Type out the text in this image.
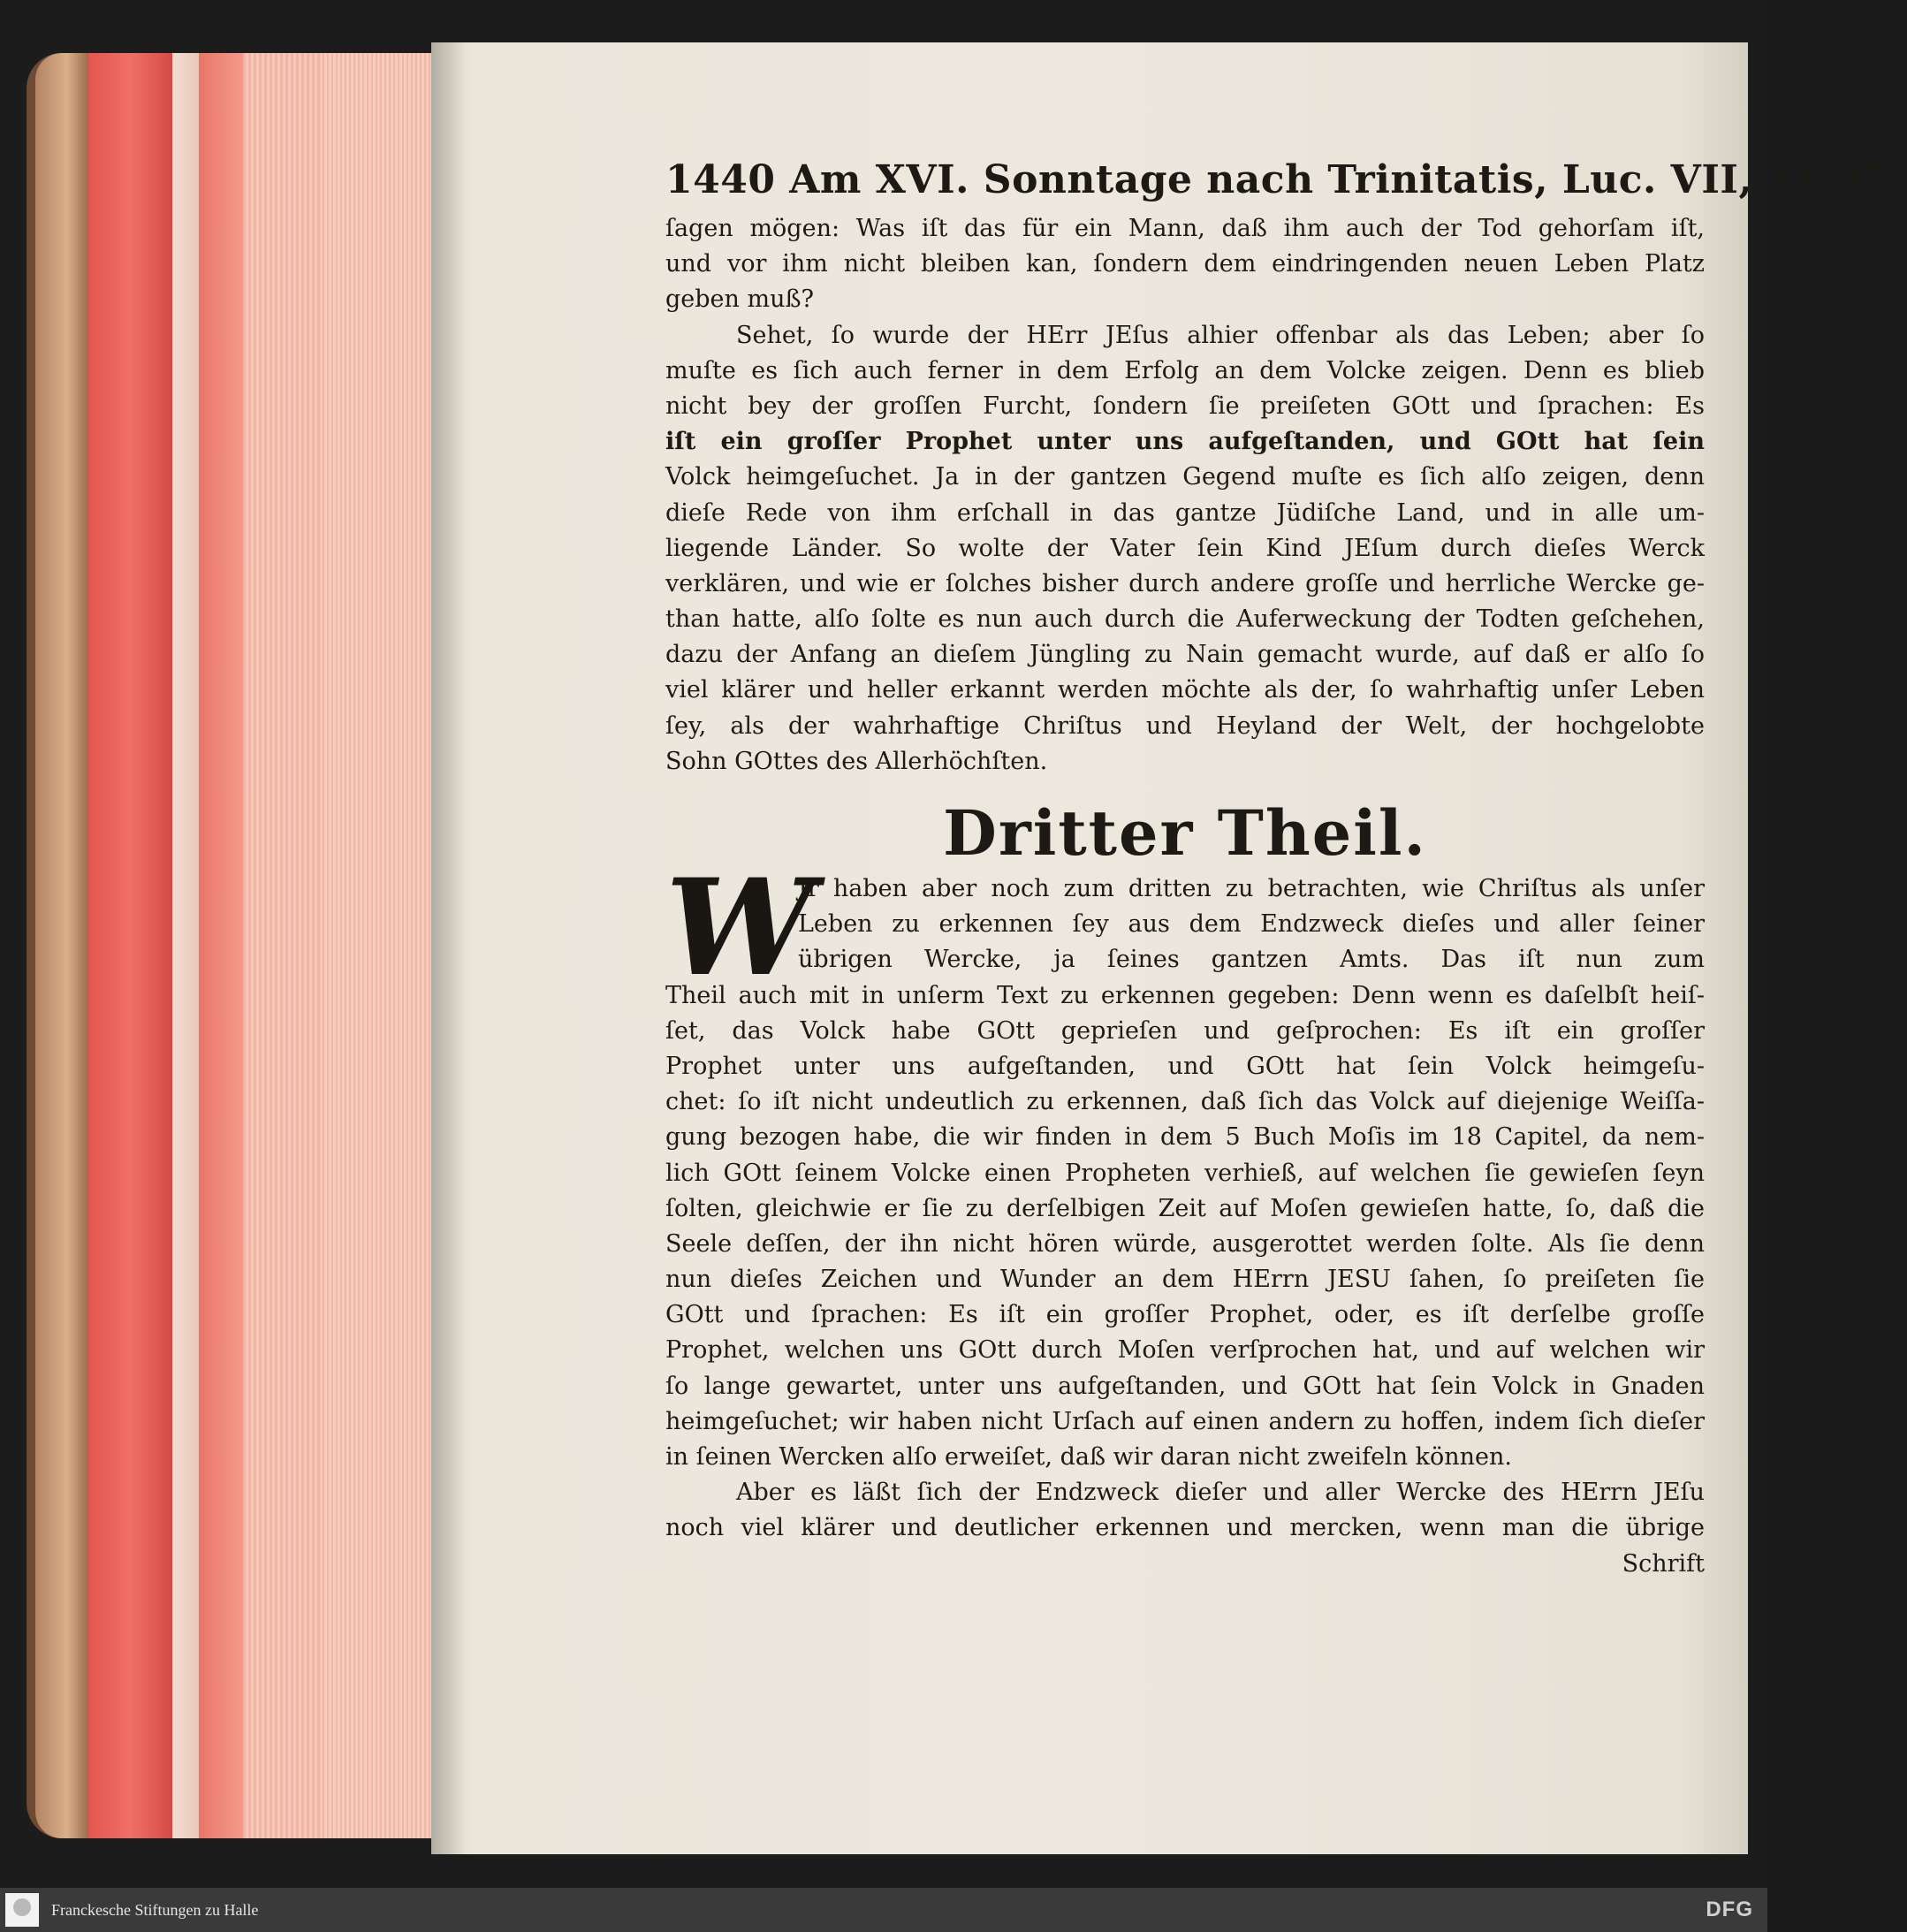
1440 Am XVI. Sonntage nach Trinitatis, Luc. VII, 11-17.
ſagen mögen: Was iſt das für ein Mann, daß ihm auch der Tod gehorſam iſt,
und vor ihm nicht bleiben kan, ſondern dem eindringenden neuen Leben Platz
geben muß?
Sehet, ſo wurde der HErr JEſus alhier offenbar als das Leben; aber ſo
muſte es ſich auch ferner in dem Erfolg an dem Volcke zeigen. Denn es blieb
nicht bey der groſſen Furcht, ſondern ſie preiſeten GOtt und ſprachen: Es
iſt ein groſſer Prophet unter uns aufgeſtanden, und GOtt hat ſein
Volck heimgeſuchet. Ja in der gantzen Gegend muſte es ſich alſo zeigen, denn
dieſe Rede von ihm erſchall in das gantze Jüdiſche Land, und in alle um-
liegende Länder. So wolte der Vater ſein Kind JEſum durch dieſes Werck
verklären, und wie er ſolches bisher durch andere groſſe und herrliche Wercke ge-
than hatte, alſo ſolte es nun auch durch die Auferweckung der Todten geſchehen,
dazu der Anfang an dieſem Jüngling zu Nain gemacht wurde, auf daß er alſo ſo
viel klärer und heller erkannt werden möchte als der, ſo wahrhaftig unſer Leben
ſey, als der wahrhaftige Chriſtus und Heyland der Welt, der hochgelobte
Sohn GOttes des Allerhöchſten.
Dritter Theil.
W
Jr haben aber noch zum dritten zu betrachten, wie Chriſtus als unſer
Leben zu erkennen ſey aus dem Endzweck dieſes und aller ſeiner
übrigen Wercke, ja ſeines gantzen Amts. Das iſt nun zum
Theil auch mit in unſerm Text zu erkennen gegeben: Denn wenn es daſelbſt heiſ-
ſet, das Volck habe GOtt geprieſen und geſprochen: Es iſt ein groſſer
Prophet unter uns aufgeſtanden, und GOtt hat ſein Volck heimgeſu-
chet: ſo iſt nicht undeutlich zu erkennen, daß ſich das Volck auf diejenige Weiſſa-
gung bezogen habe, die wir finden in dem 5 Buch Moſis im 18 Capitel, da nem-
lich GOtt ſeinem Volcke einen Propheten verhieß, auf welchen ſie gewieſen ſeyn
ſolten, gleichwie er ſie zu derſelbigen Zeit auf Moſen gewieſen hatte, ſo, daß die
Seele deſſen, der ihn nicht hören würde, ausgerottet werden ſolte. Als ſie denn
nun dieſes Zeichen und Wunder an dem HErrn JESU ſahen, ſo preiſeten ſie
GOtt und ſprachen: Es iſt ein groſſer Prophet, oder, es iſt derſelbe groſſe
Prophet, welchen uns GOtt durch Moſen verſprochen hat, und auf welchen wir
ſo lange gewartet, unter uns aufgeſtanden, und GOtt hat ſein Volck in Gnaden
heimgeſuchet; wir haben nicht Urſach auf einen andern zu hoffen, indem ſich dieſer
in ſeinen Wercken alſo erweiſet, daß wir daran nicht zweifeln können.
Aber es läßt ſich der Endzweck dieſer und aller Wercke des HErrn JEſu
noch viel klärer und deutlicher erkennen und mercken, wenn man die übrige
Schrift
Franckesche Stiftungen zu Halle	DFG
